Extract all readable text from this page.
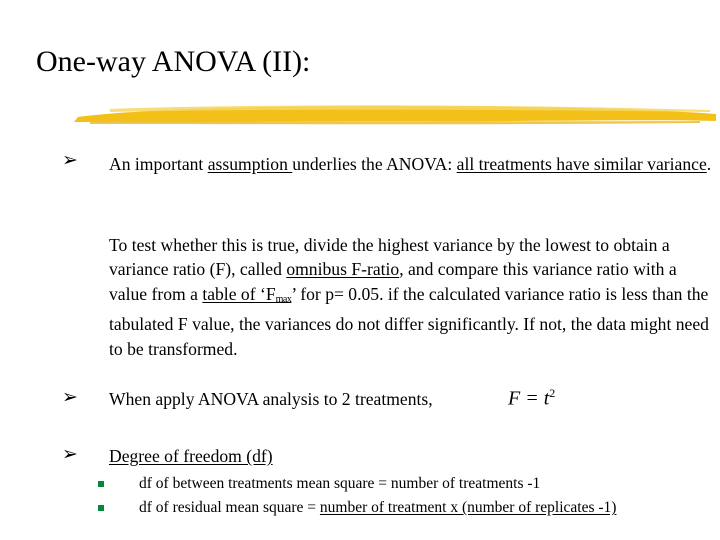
One-way ANOVA (II):
➢ An important assumption underlies the ANOVA: all treatments have similar variance.
To test whether this is true, divide the highest variance by the lowest to obtain a variance ratio (F), called omnibus F-ratio, and compare this variance ratio with a value from a table of ‘$F_{max}$’ for p= 0.05. if the calculated variance ratio is less than the tabulated F value, the variances do not differ significantly. If not, the data might need to be transformed.
➢ When apply ANOVA analysis to 2 treatments,	$F = t^2$
➢ Degree of freedom (df)
df of between treatments mean square = number of treatments -1
df of residual mean square = number of treatment x (number of replicates -1)
